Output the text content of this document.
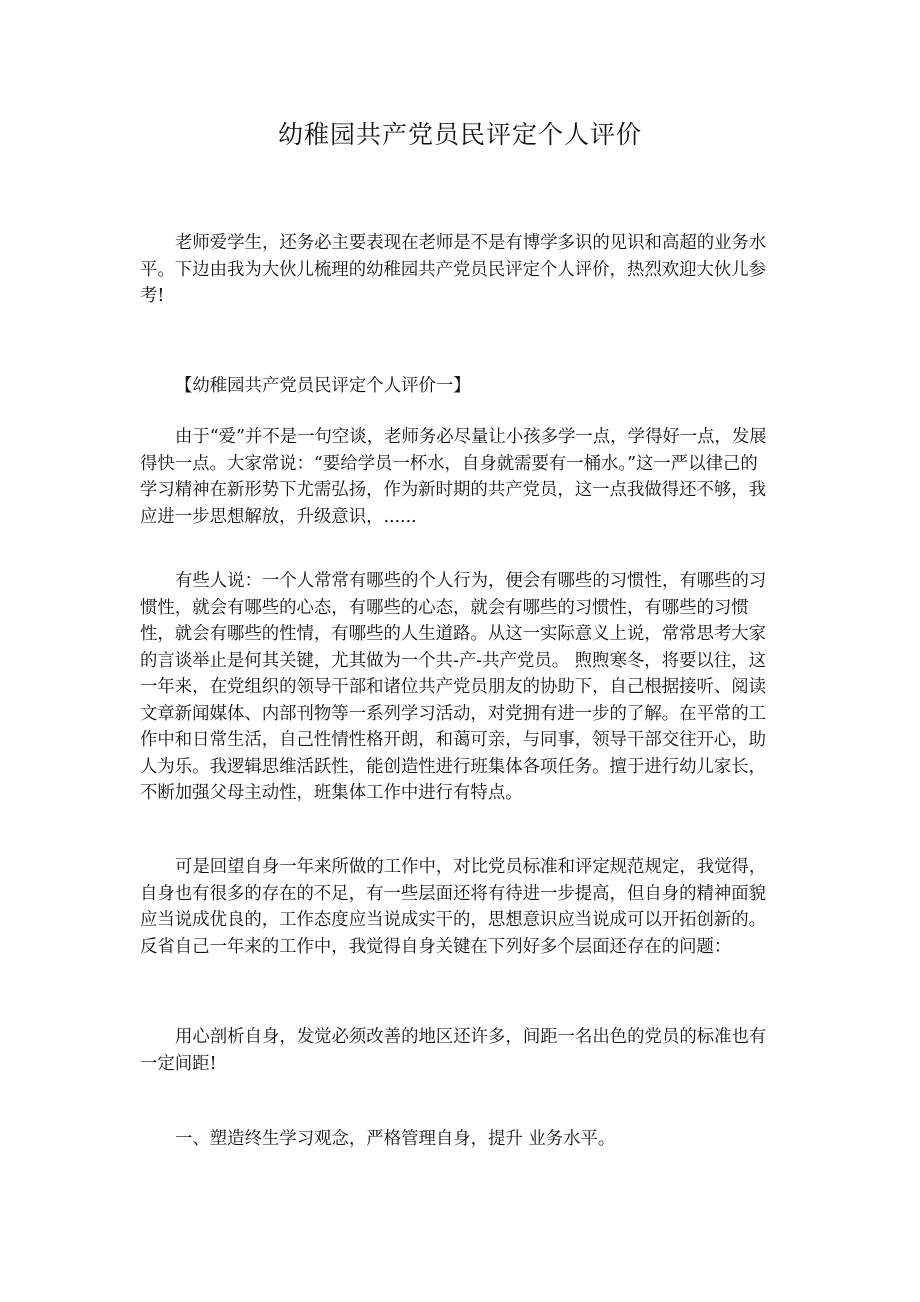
幼稚园共产党员民评定个人评价

老师爱学生，还务必主要表现在老师是不是有博学多识的见识和高超的业务水平。下边由我为大伙儿梳理的幼稚园共产党员民评定个人评价，热烈欢迎大伙儿参考!

【幼稚园共产党员民评定个人评价一】

由于“爱”并不是一句空谈，老师务必尽量让小孩多学一点，学得好一点，发展得快一点。大家常说：“要给学员一杯水，自身就需要有一桶水。”这一严以律己的学习精神在新形势下尤需弘扬，作为新时期的共产党员，这一点我做得还不够，我应进一步思想解放，升级意识，......

有些人说：一个人常常有哪些的个人行为，便会有哪些的习惯性，有哪些的习惯性，就会有哪些的心态，有哪些的心态，就会有哪些的习惯性，有哪些的习惯性，就会有哪些的性情，有哪些的人生道路。从这一实际意义上说，常常思考大家的言谈举止是何其关键，尤其做为一个共-产-共产党员。 煦煦寒冬，将要以往，这一年来，在党组织的领导干部和诸位共产党员朋友的协助下，自己根据接听、阅读文章新闻媒体、内部刊物等一系列学习活动，对党拥有进一步的了解。在平常的工作中和日常生活，自己性情性格开朗，和蔼可亲，与同事，领导干部交往开心，助人为乐。我逻辑思维活跃性，能创造性进行班集体各项任务。擅于进行幼儿家长，不断加强父母主动性，班集体工作中进行有特点。

可是回望自身一年来所做的工作中，对比党员标准和评定规范规定，我觉得，自身也有很多的存在的不足，有一些层面还将有待进一步提高，但自身的精神面貌应当说成优良的，工作态度应当说成实干的，思想意识应当说成可以开拓创新的。反省自己一年来的工作中，我觉得自身关键在下列好多个层面还存在的问题：

用心剖析自身，发觉必须改善的地区还许多，间距一名出色的党员的标准也有一定间距!

一、塑造终生学习观念，严格管理自身，提升 业务水平。
